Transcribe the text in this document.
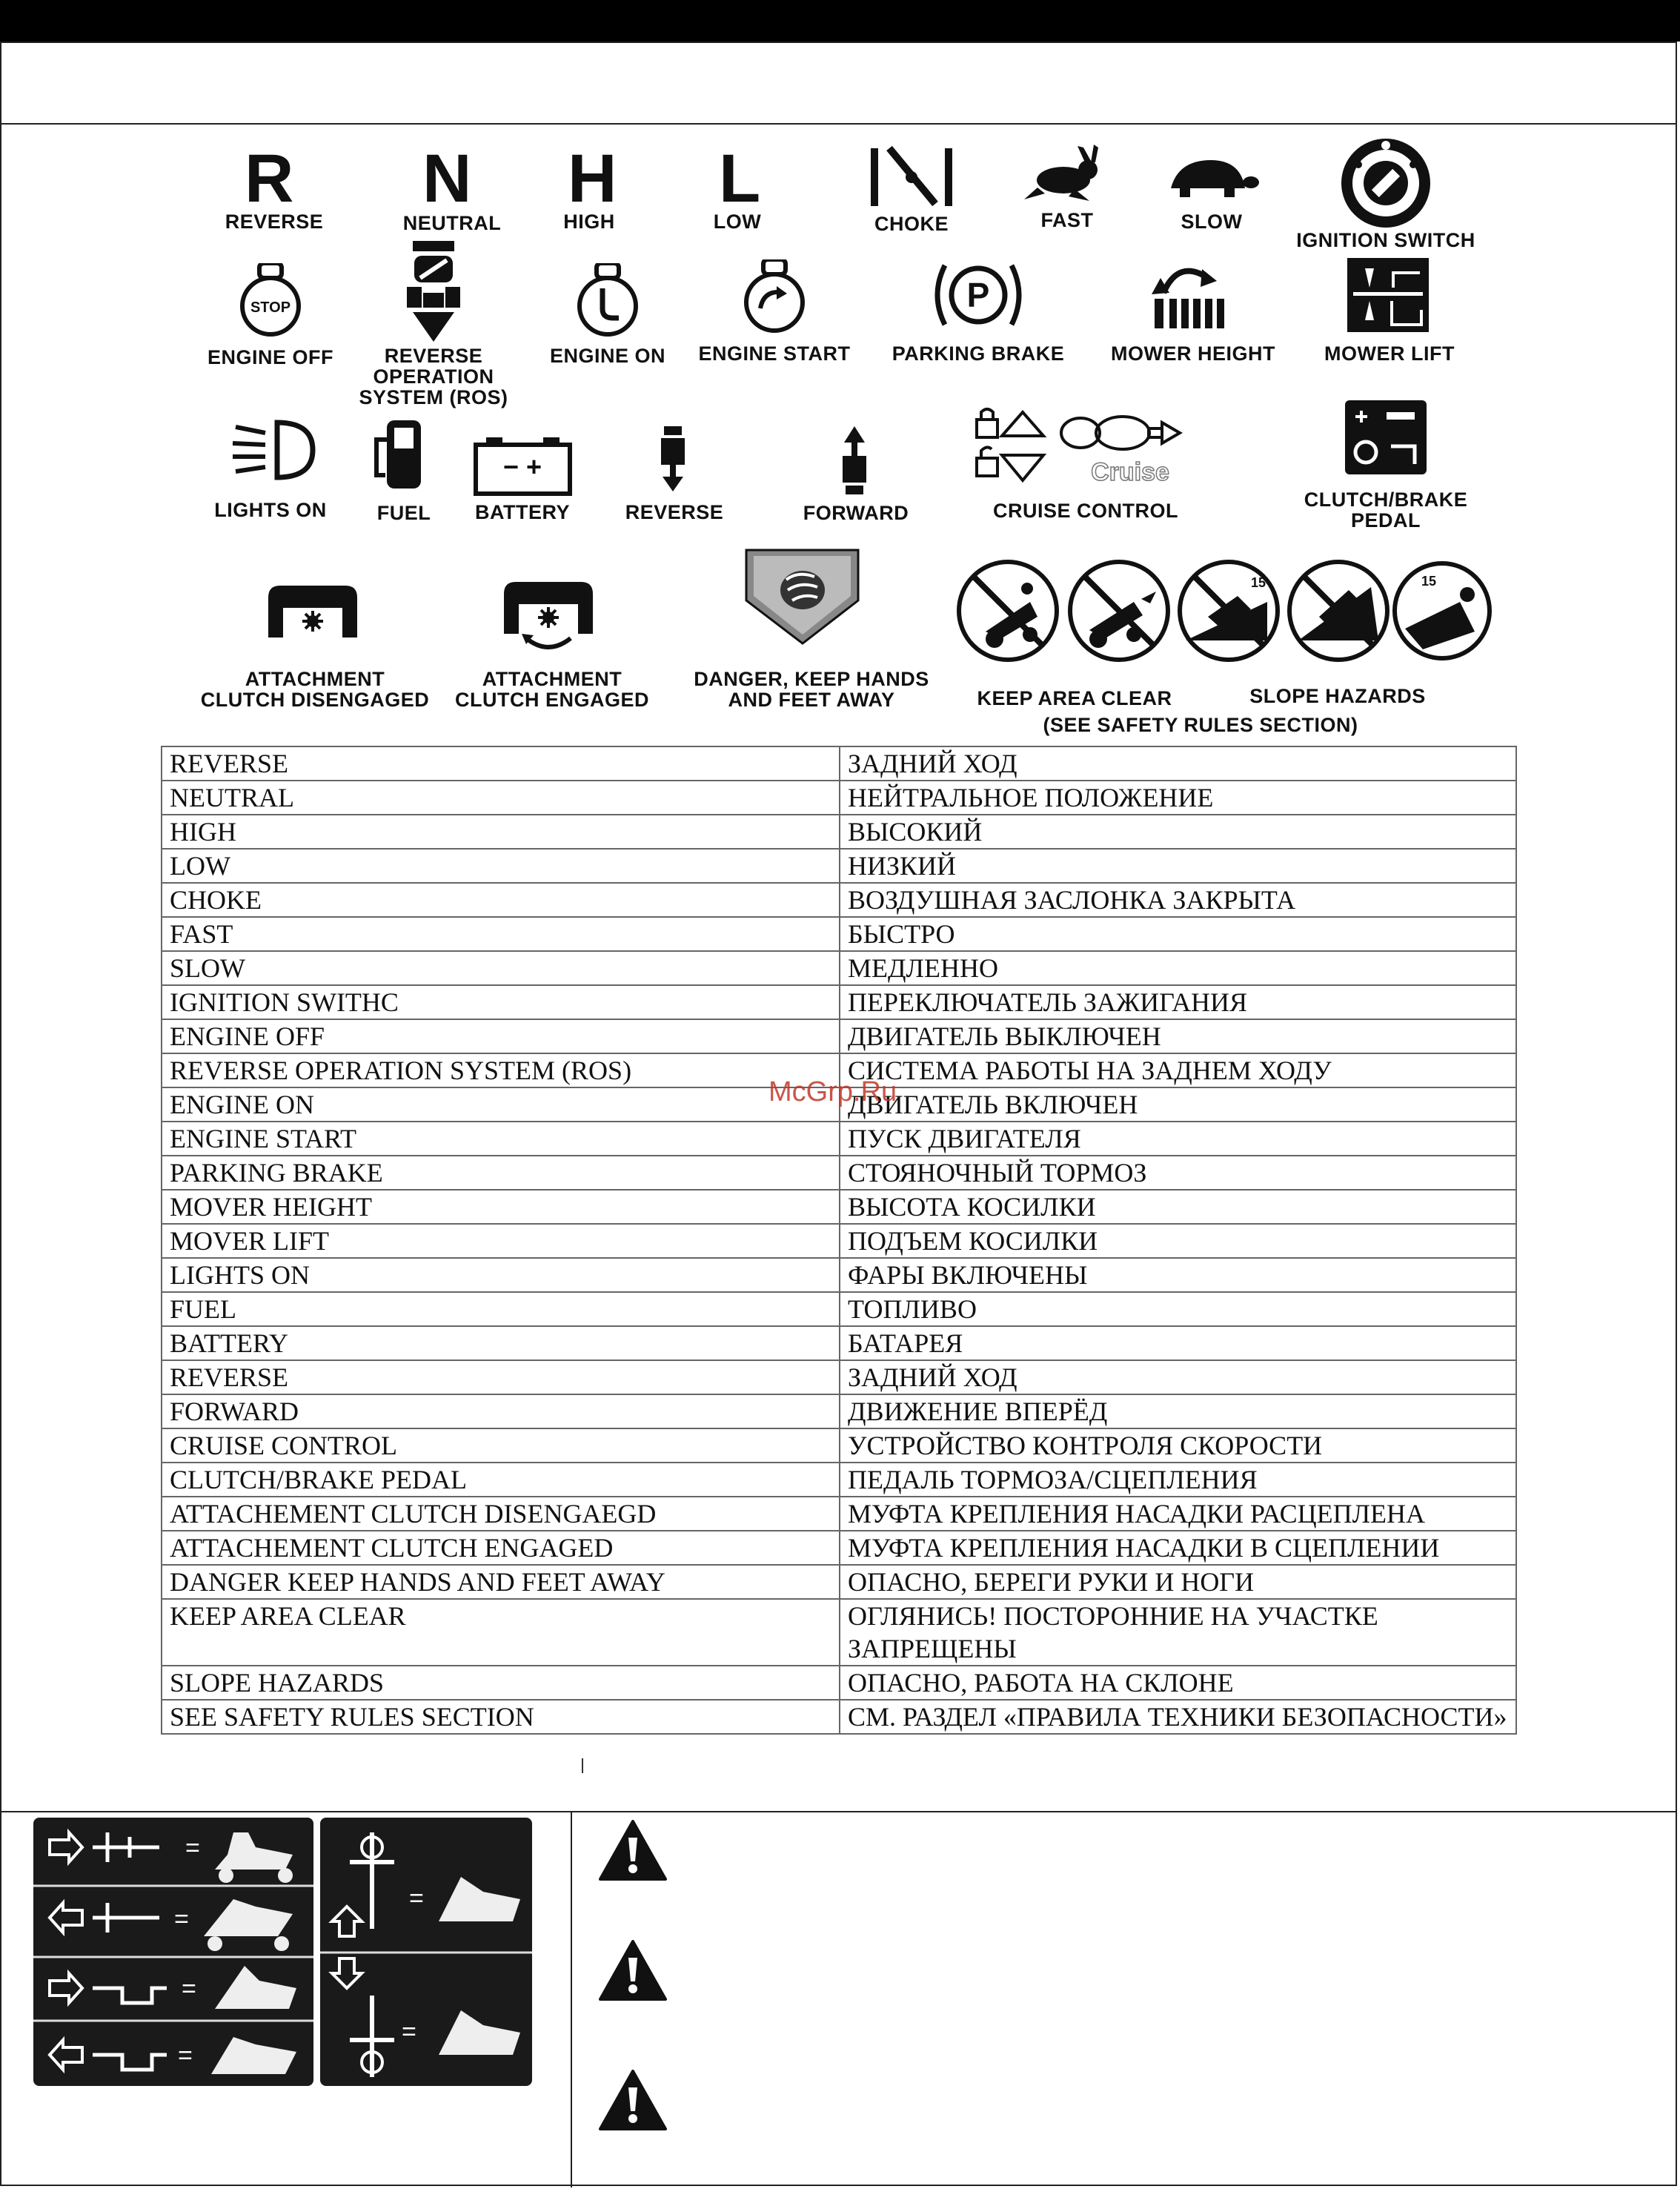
R
REVERSE
N
NEUTRAL
H
HIGH
L
LOW	CHOKE	FAST	SLOW
IGNITION SWITCH
STOP
ENGINE OFF	REVERSE
OPERATION
SYSTEM (ROS)
ENGINE ON	ENGINE START
P
PARKING BRAKE	MOWER HEIGHT	MOWER LIFT
LIGHTS ON	FUEL
− +
BATTERY	REVERSE	FORWARD
Cruise
CRUISE CONTROL	CLUTCH/BRAKE
PEDAL
ATTACHMENT
CLUTCH DISENGAGED
ATTACHMENT
CLUTCH ENGAGED
DANGER, KEEP HANDS
AND FEET AWAY
15	15
KEEP AREA CLEAR	SLOPE HAZARDS
(SEE SAFETY RULES SECTION)
REVERSE	ЗАДНИЙ ХОД
NEUTRAL	НЕЙТРАЛЬНОЕ ПОЛОЖЕНИЕ
HIGH	ВЫСОКИЙ
LOW	НИЗКИЙ
CHOKE	ВОЗДУШНАЯ ЗАСЛОНКА ЗАКРЫТА
FAST	БЫСТРО
SLOW	МЕДЛЕННО
IGNITION SWITHC	ПЕРЕКЛЮЧАТЕЛЬ ЗАЖИГАНИЯ
ENGINE OFF	ДВИГАТЕЛЬ ВЫКЛЮЧЕН
REVERSE OPERATION SYSTEM (ROS)	СИСТЕМА РАБОТЫ НА ЗАДНЕМ ХОДУ
ENGINE ON	ДВИГАТЕЛЬ ВКЛЮЧЕН
ENGINE START	ПУСК ДВИГАТЕЛЯ
PARKING BRAKE	СТОЯНОЧНЫЙ ТОРМОЗ
MOVER HEIGHT	ВЫСОТА КОСИЛКИ
MOVER LIFT	ПОДЪЕМ КОСИЛКИ
LIGHTS ON	ФАРЫ ВКЛЮЧЕНЫ
FUEL	ТОПЛИВО
BATTERY	БАТАРЕЯ
REVERSE	ЗАДНИЙ ХОД
FORWARD	ДВИЖЕНИЕ ВПЕРЁД
CRUISE CONTROL	УСТРОЙСТВО КОНТРОЛЯ СКОРОСТИ
CLUTCH/BRAKE PEDAL	ПЕДАЛЬ ТОРМОЗА/СЦЕПЛЕНИЯ
ATTACHEMENT CLUTCH DISENGAEGD	МУФТА КРЕПЛЕНИЯ НАСАДКИ РАСЦЕПЛЕНА
ATTACHEMENT CLUTCH ENGAGED	МУФТА КРЕПЛЕНИЯ НАСАДКИ В СЦЕПЛЕНИИ
DANGER KEEP HANDS AND FEET AWAY	ОПАСНО, БЕРЕГИ РУКИ И НОГИ
KEEP AREA CLEAR	ОГЛЯНИСЬ! ПОСТОРОННИЕ НА УЧАСТКЕ ЗАПРЕЩЕНЫ
SLOPE HAZARDS	ОПАСНО, РАБОТА НА СКЛОНЕ
SEE SAFETY RULES SECTION	СМ. РАЗДЕЛ «ПРАВИЛА ТЕХНИКИ БЕЗОПАСНОСТИ»
McGrp.Ru
=
=
=
=
=
=
